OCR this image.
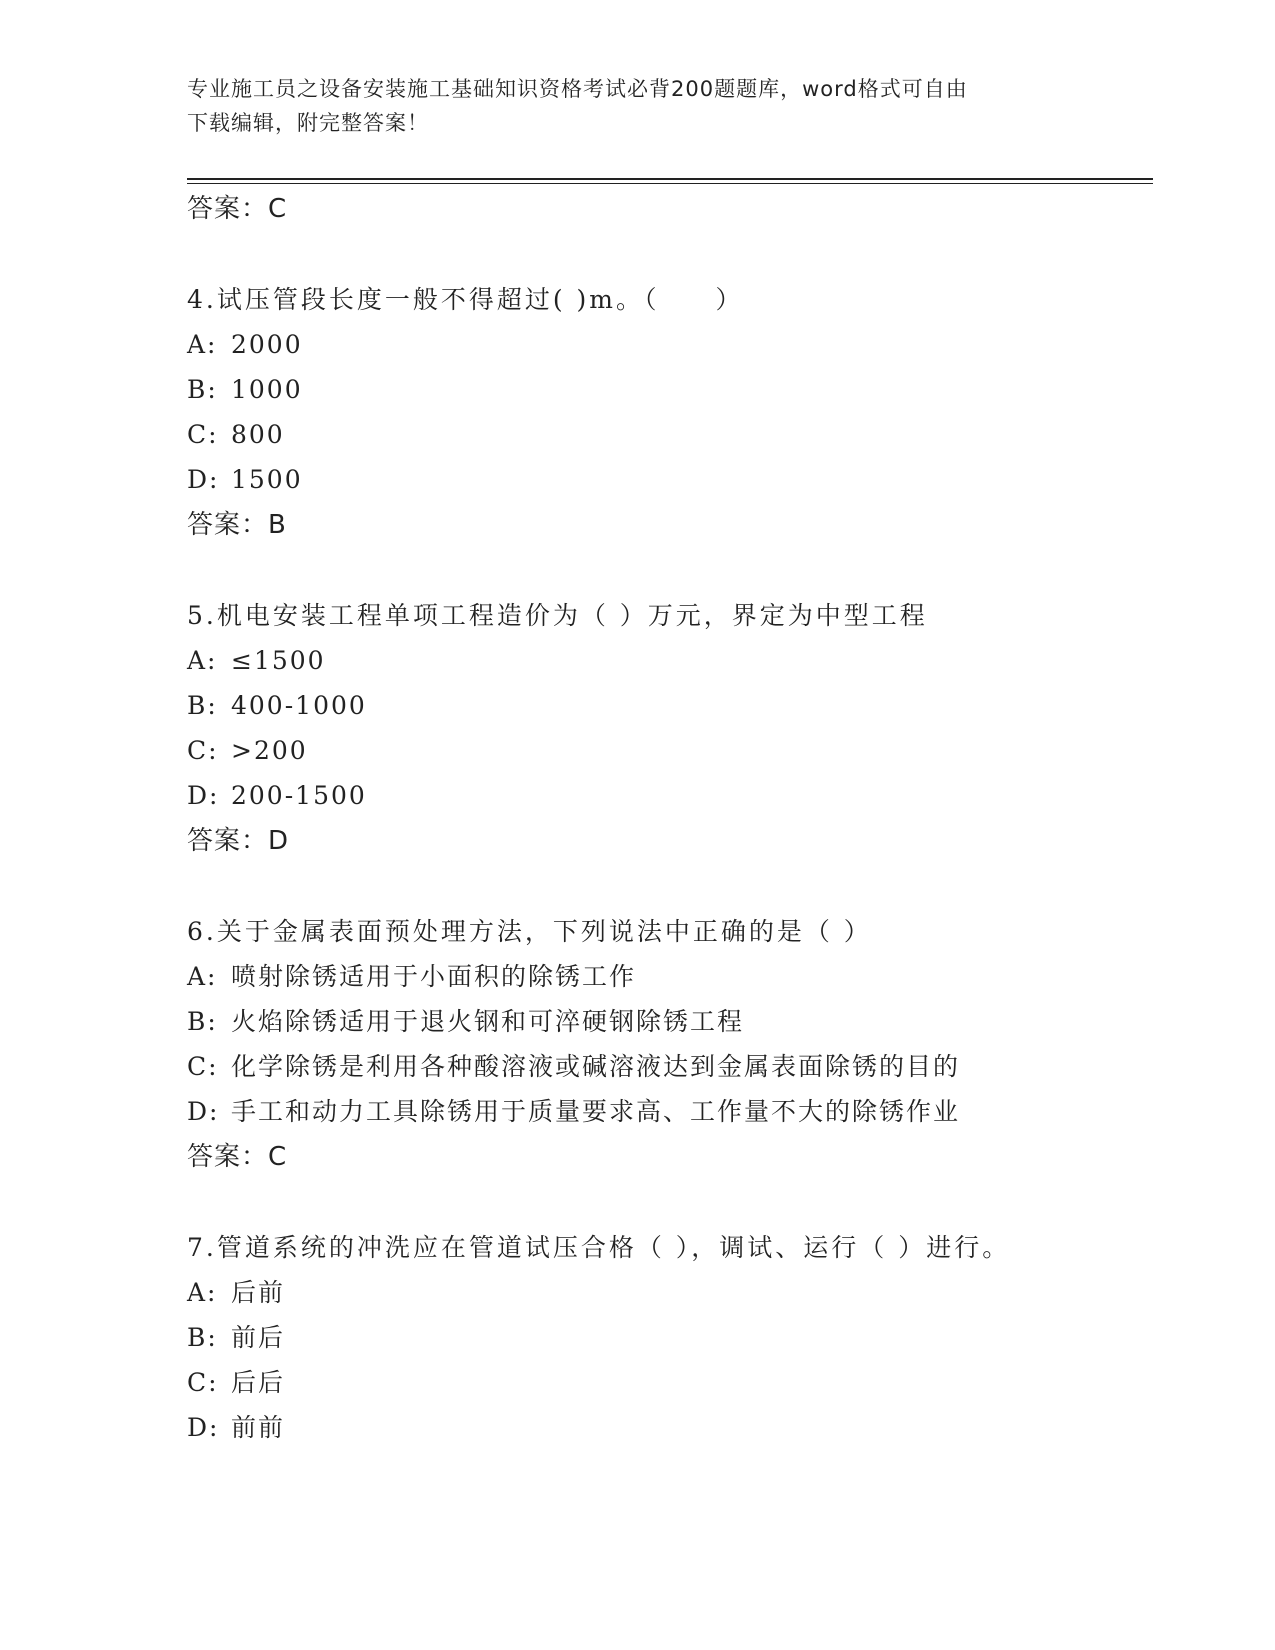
专业施工员之设备安装施工基础知识资格考试必背200题题库，word格式可自由
下载编辑，附完整答案！
答案：C
4.试压管段长度一般不得超过( )m。（　　）
A: 2000
B: 1000
C: 800
D: 1500
答案：B
5.机电安装工程单项工程造价为（ ）万元，界定为中型工程
A: ≤1500
B: 400-1000
C: >200
D: 200-1500
答案：D
6.关于金属表面预处理方法，下列说法中正确的是（ ）
A: 喷射除锈适用于小面积的除锈工作
B: 火焰除锈适用于退火钢和可淬硬钢除锈工程
C: 化学除锈是利用各种酸溶液或碱溶液达到金属表面除锈的目的
D: 手工和动力工具除锈用于质量要求高、工作量不大的除锈作业
答案：C
7.管道系统的冲洗应在管道试压合格（ ），调试、运行（ ）进行。
A: 后前
B: 前后
C: 后后
D: 前前
